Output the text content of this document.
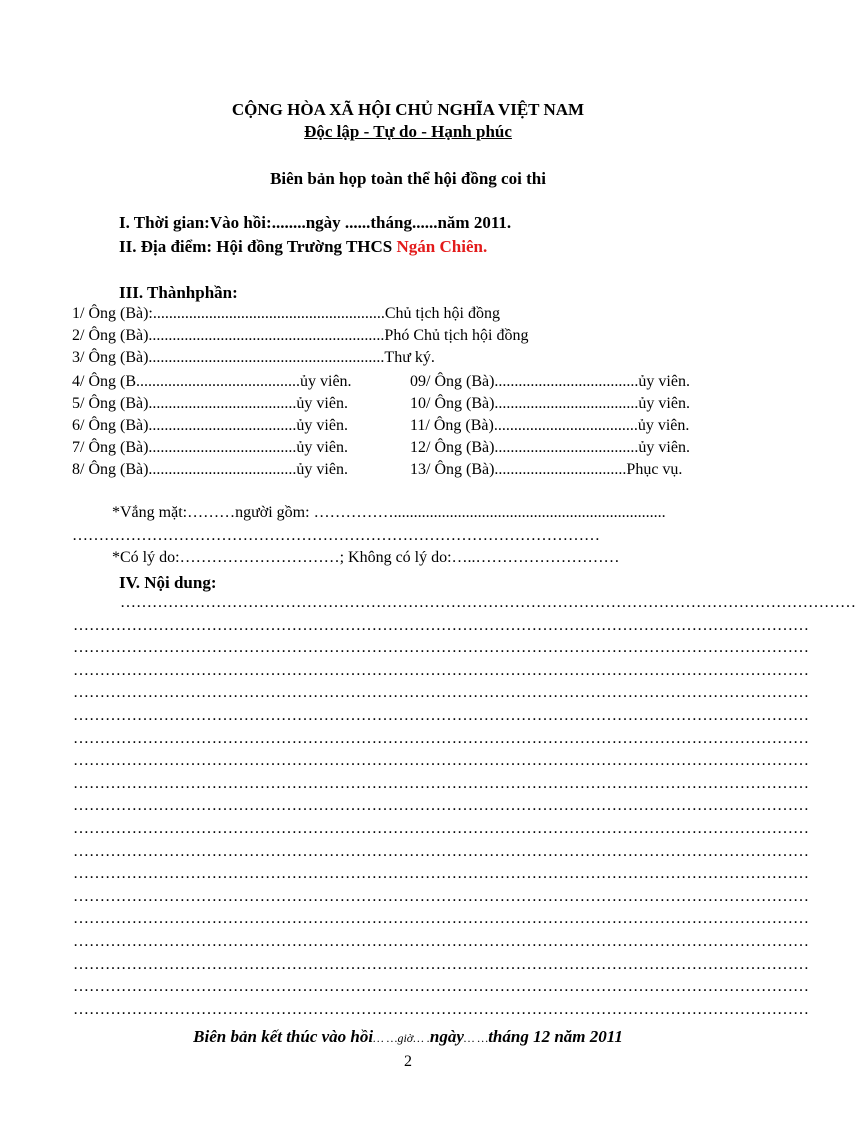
CỘNG HÒA XÃ HỘI CHỦ NGHĨA VIỆT NAM
Độc lập - Tự do - Hạnh phúc
Biên bản họp toàn thể hội đồng coi thi
I. Thời gian:Vào hồi:........ngày ......tháng......năm 2011.
II. Địa điểm: Hội đồng Trường THCS Ngán Chiên.
III. Thànhphần:
1/ Ông (Bà):..........................................................Chủ tịch hội đồng
2/ Ông (Bà)...........................................................Phó Chủ tịch hội đồng
3/ Ông (Bà)...........................................................Thư ký.
4/ Ông (B.........................................ủy viên.
5/ Ông (Bà).....................................ủy viên.
6/ Ông (Bà).....................................ủy viên.
7/ Ông (Bà).....................................ủy viên.
8/ Ông (Bà).....................................ủy viên.
09/ Ông (Bà)....................................ủy viên.
10/ Ông (Bà)....................................ủy viên.
11/ Ông (Bà)....................................ủy viên.
12/ Ông (Bà)....................................ủy viên.
13/ Ông (Bà).................................Phục vụ.
*Vắng mặt:………người gồm: ……………....................................................................
………………………………………………………………………………………
*Có lý do:…………………………; Không có lý do:…..………………………
IV. Nội dung:
…………………………………………………………………………………………………………………………
…………………………………………………………………………………………………………………………
…………………………………………………………………………………………………………………………
…………………………………………………………………………………………………………………………
…………………………………………………………………………………………………………………………
…………………………………………………………………………………………………………………………
…………………………………………………………………………………………………………………………
…………………………………………………………………………………………………………………………
…………………………………………………………………………………………………………………………
…………………………………………………………………………………………………………………………
…………………………………………………………………………………………………………………………
…………………………………………………………………………………………………………………………
…………………………………………………………………………………………………………………………
…………………………………………………………………………………………………………………………
…………………………………………………………………………………………………………………………
…………………………………………………………………………………………………………………………
…………………………………………………………………………………………………………………………
…………………………………………………………………………………………………………………………
…………………………………………………………………………………………………………………………
Biên bản kết thúc vào hồi… …giờ… .ngày… …tháng 12 năm 2011
2
